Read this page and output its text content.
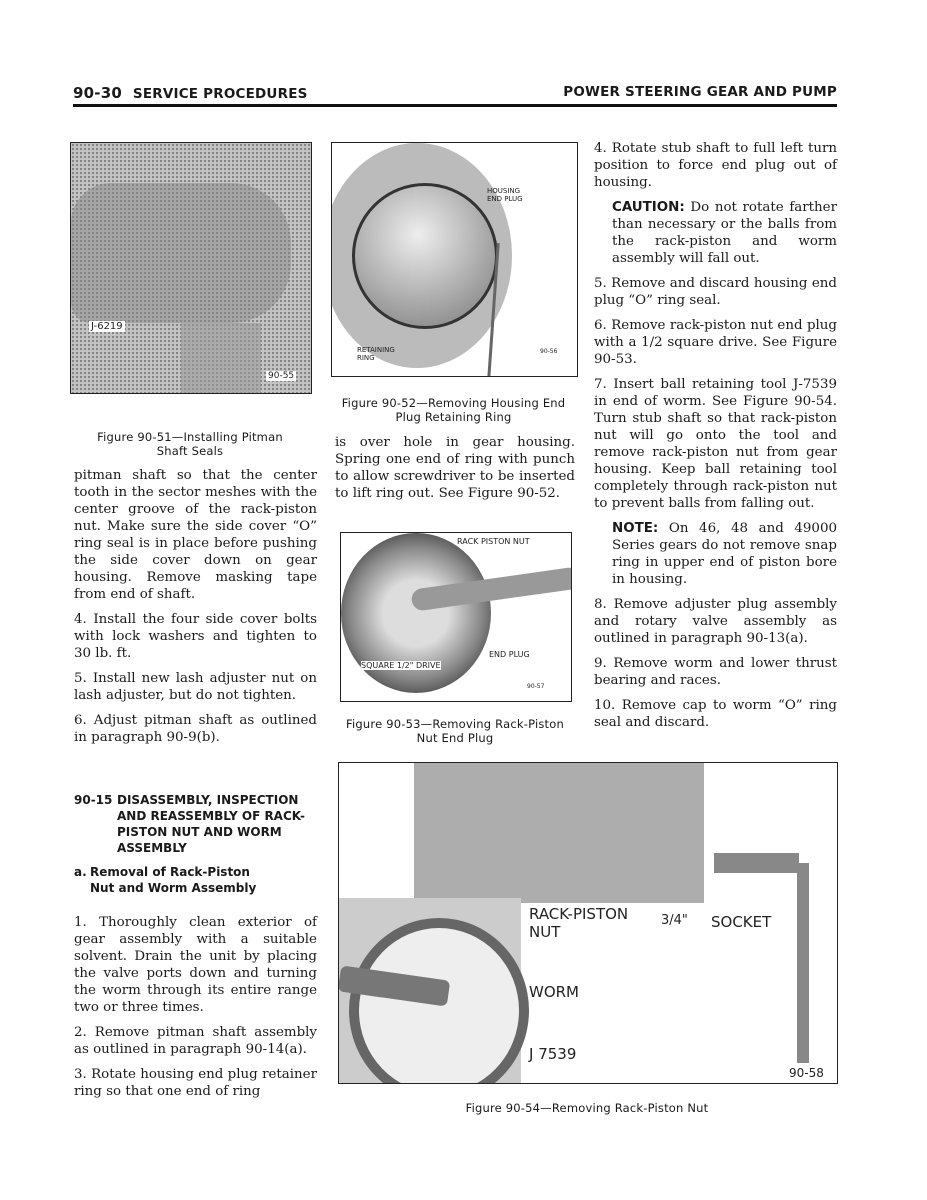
90-30 SERVICE PROCEDURES	POWER STEERING GEAR AND PUMP
J-6219
90-55
Figure 90-51—Installing Pitman
Shaft Seals
HOUSING
END PLUG
RETAINING
RING
90-56
Figure 90-52—Removing Housing End
Plug Retaining Ring
RACK PISTON NUT
END PLUG
SQUARE 1/2" DRIVE
90-57
Figure 90-53—Removing Rack-Piston
Nut End Plug
RACK-PISTON
NUT
WORM
J 7539
3/4" SOCKET
90-58
Figure 90-54—Removing Rack-Piston Nut

pitman shaft so that the center tooth in the sector meshes with the center groove of the rack-piston nut. Make sure the side cover “O” ring seal is in place before pushing the side cover down on gear housing. Remove masking tape from end of shaft.

4. Install the four side cover bolts with lock washers and tighten to 30 lb. ft.

5. Install new lash adjuster nut on lash adjuster, but do not tighten.

6. Adjust pitman shaft as outlined in paragraph 90-9(b).

90-15 DISASSEMBLY, INSPECTION AND REASSEMBLY OF RACK-PISTON NUT AND WORM ASSEMBLY
a. Removal of Rack-Piston Nut and Worm Assembly

1. Thoroughly clean exterior of gear assembly with a suitable solvent. Drain the unit by placing the valve ports down and turning the worm through its entire range two or three times.

2. Remove pitman shaft assembly as outlined in paragraph 90-14(a).

3. Rotate housing end plug retainer ring so that one end of ring

is over hole in gear housing. Spring one end of ring with punch to allow screwdriver to be inserted to lift ring out. See Figure 90-52.

4. Rotate stub shaft to full left turn position to force end plug out of housing.

CAUTION: Do not rotate farther than necessary or the balls from the rack-piston and worm assembly will fall out.

5. Remove and discard housing end plug “O” ring seal.

6. Remove rack-piston nut end plug with a 1/2 square drive. See Figure 90-53.

7. Insert ball retaining tool J-7539 in end of worm. See Figure 90-54. Turn stub shaft so that rack-piston nut will go onto the tool and remove rack-piston nut from gear housing. Keep ball retaining tool completely through rack-piston nut to prevent balls from falling out.

NOTE: On 46, 48 and 49000 Series gears do not remove snap ring in upper end of piston bore in housing.

8. Remove adjuster plug assembly and rotary valve assembly as outlined in paragraph 90-13(a).

9. Remove worm and lower thrust bearing and races.

10. Remove cap to worm “O” ring seal and discard.
